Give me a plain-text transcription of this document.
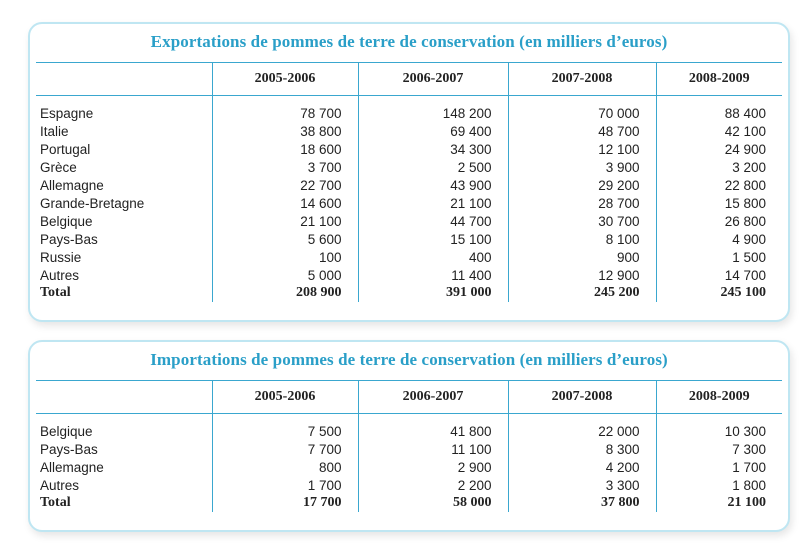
Exportations de pommes de terre de conservation (en milliers d’euros)
	2005-2006	2006-2007	2007-2008	2008-2009

Espagne	78 700	148 200	70 000	88 400
Italie	38 800	69 400	48 700	42 100
Portugal	18 600	34 300	12 100	24 900
Grèce	3 700	2 500	3 900	3 200
Allemagne	22 700	43 900	29 200	22 800
Grande-Bretagne	14 600	21 100	28 700	15 800
Belgique	21 100	44 700	30 700	26 800
Pays-Bas	5 600	15 100	8 100	4 900
Russie	100	400	900	1 500
Autres	5 000	11 400	12 900	14 700
Total	208 900	391 000	245 200	245 100
Importations de pommes de terre de conservation (en milliers d’euros)
	2005-2006	2006-2007	2007-2008	2008-2009

Belgique	7 500	41 800	22 000	10 300
Pays-Bas	7 700	11 100	8 300	7 300
Allemagne	800	2 900	4 200	1 700
Autres	1 700	2 200	3 300	1 800
Total	17 700	58 000	37 800	21 100
